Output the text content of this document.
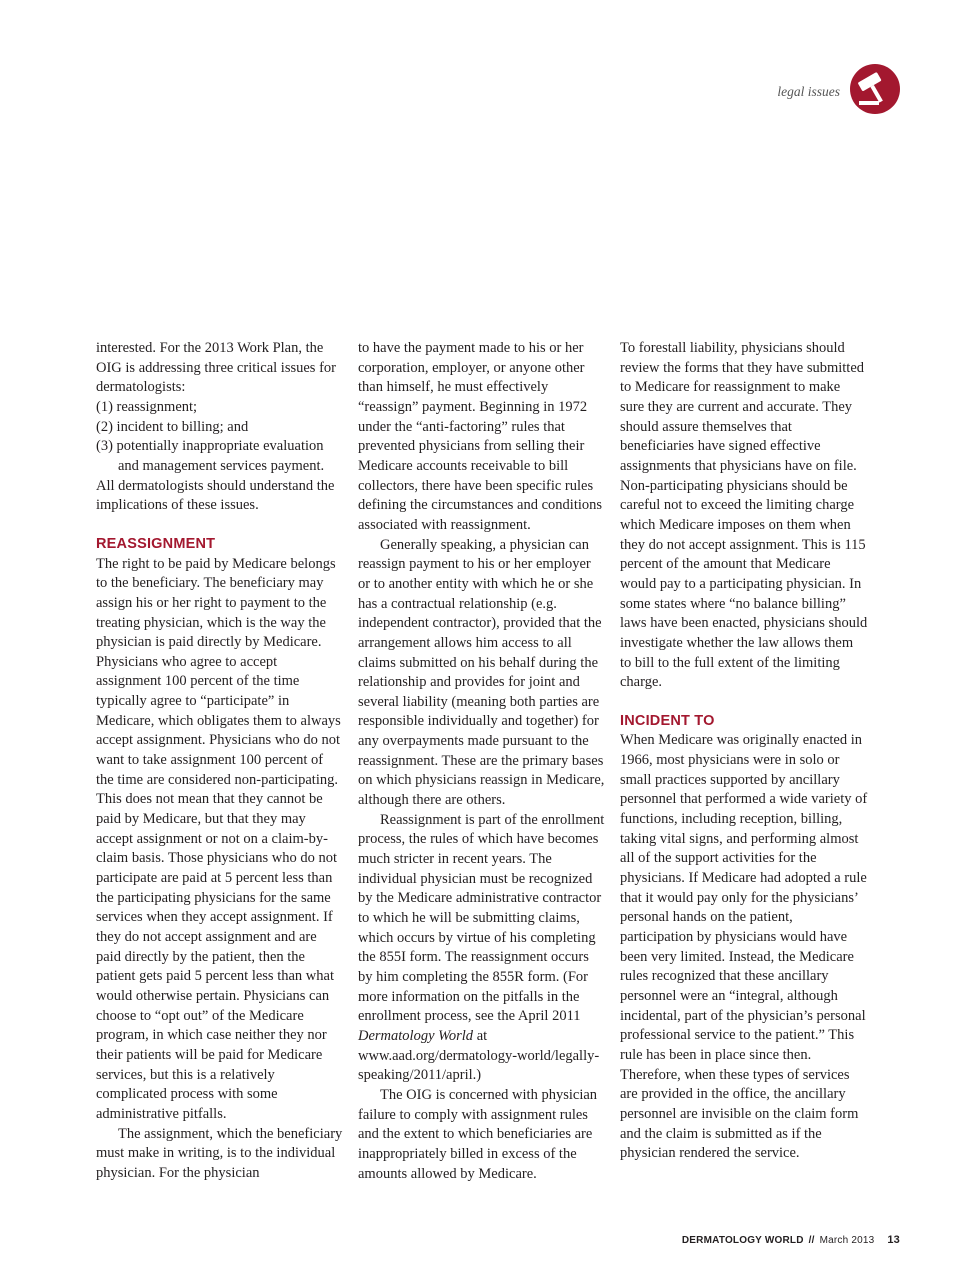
legal issues

interested. For the 2013 Work Plan, the OIG is addressing three critical issues for dermatologists:

(1) reassignment;
(2) incident to billing; and
(3) potentially inappropriate evaluation and management services payment.

All dermatologists should understand the implications of these issues.

REASSIGNMENT

The right to be paid by Medicare belongs to the beneficiary. The beneficiary may assign his or her right to payment to the treating physician, which is the way the physician is paid directly by Medicare. Physicians who agree to accept assignment 100 percent of the time typically agree to “participate” in Medicare, which obligates them to always accept assignment. Physicians who do not want to take assignment 100 percent of the time are considered non-participating. This does not mean that they cannot be paid by Medicare, but that they may accept assignment or not on a claim-by-claim basis. Those physicians who do not participate are paid at 5 percent less than the participating physicians for the same services when they accept assignment. If they do not accept assignment and are paid directly by the patient, then the patient gets paid 5 percent less than what would otherwise pertain. Physicians can choose to “opt out” of the Medicare program, in which case neither they nor their patients will be paid for Medicare services, but this is a relatively complicated process with some administrative pitfalls.

The assignment, which the beneficiary must make in writing, is to the individual physician. For the physician

to have the payment made to his or her corporation, employer, or anyone other than himself, he must effectively “reassign” payment. Beginning in 1972 under the “anti-factoring” rules that prevented physicians from selling their Medicare accounts receivable to bill collectors, there have been specific rules defining the circumstances and conditions associated with reassignment.

Generally speaking, a physician can reassign payment to his or her employer or to another entity with which he or she has a contractual relationship (e.g. independent contractor), provided that the arrangement allows him access to all claims submitted on his behalf during the relationship and provides for joint and several liability (meaning both parties are responsible individually and together) for any overpayments made pursuant to the reassignment. These are the primary bases on which physicians reassign in Medicare, although there are others.

Reassignment is part of the enrollment process, the rules of which have becomes much stricter in recent years. The individual physician must be recognized by the Medicare administrative contractor to which he will be submitting claims, which occurs by virtue of his completing the 855I form. The reassignment occurs by him completing the 855R form. (For more information on the pitfalls in the enrollment process, see the April 2011 Dermatology World at www.aad.org/dermatology-world/legally-speaking/2011/april.)

The OIG is concerned with physician failure to comply with assignment rules and the extent to which beneficiaries are inappropriately billed in excess of the amounts allowed by Medicare.

To forestall liability, physicians should review the forms that they have submitted to Medicare for reassignment to make sure they are current and accurate. They should assure themselves that beneficiaries have signed effective assignments that physicians have on file. Non-participating physicians should be careful not to exceed the limiting charge which Medicare imposes on them when they do not accept assignment. This is 115 percent of the amount that Medicare would pay to a participating physician. In some states where “no balance billing” laws have been enacted, physicians should investigate whether the law allows them to bill to the full extent of the limiting charge.

INCIDENT TO

When Medicare was originally enacted in 1966, most physicians were in solo or small practices supported by ancillary personnel that performed a wide variety of functions, including reception, billing, taking vital signs, and performing almost all of the support activities for the physicians. If Medicare had adopted a rule that it would pay only for the physicians’ personal hands on the patient, participation by physicians would have been very limited. Instead, the Medicare rules recognized that these ancillary personnel were an “integral, although incidental, part of the physician’s personal professional service to the patient.” This rule has been in place since then. Therefore, when these types of services are provided in the office, the ancillary personnel are invisible on the claim form and the claim is submitted as if the physician rendered the service.

DERMATOLOGY WORLD // March 2013 13
